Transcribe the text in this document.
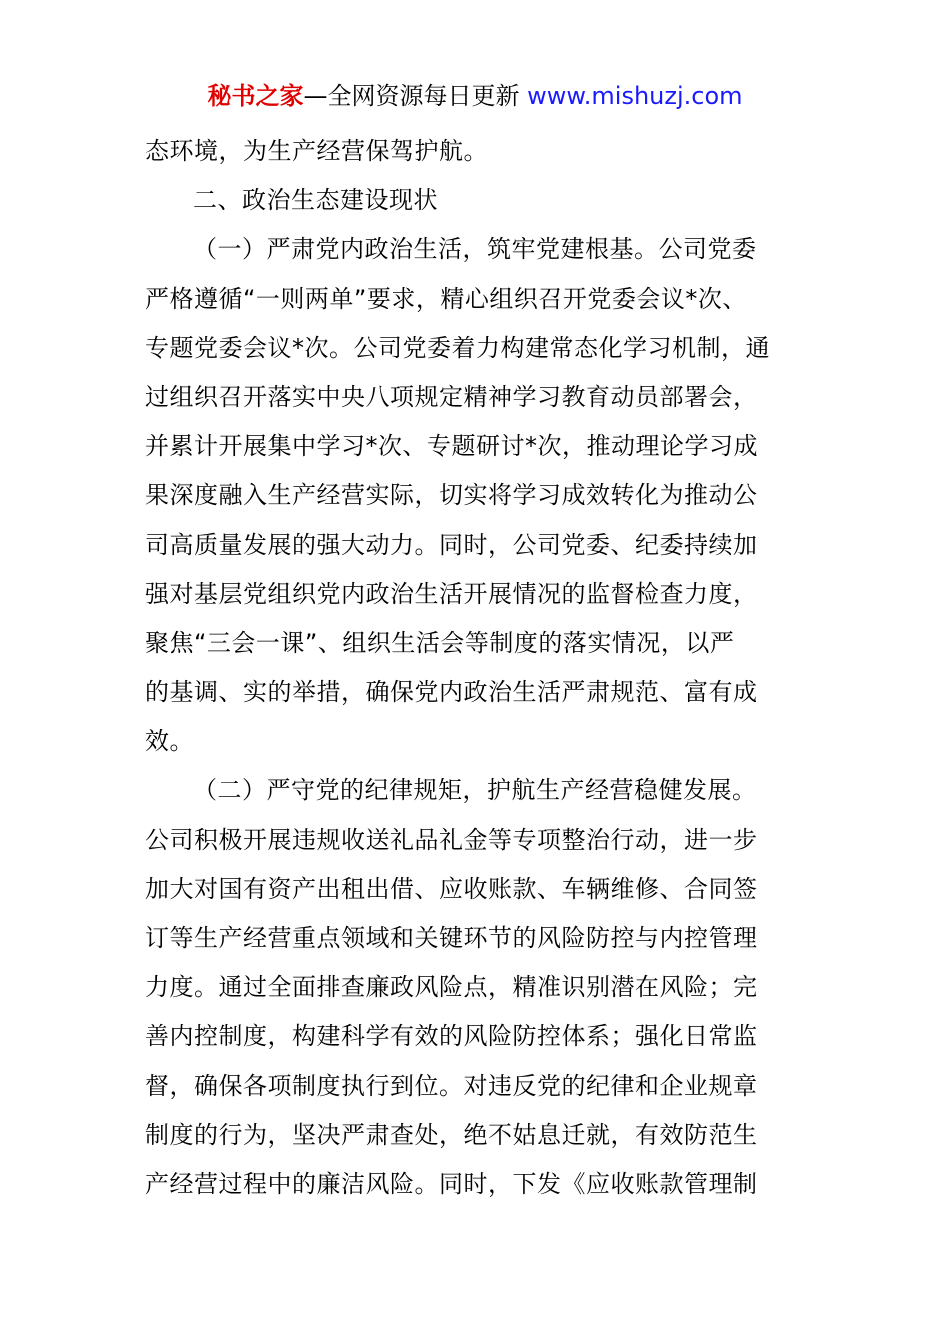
秘书之家—全网资源每日更新 www.mishuzj.com
态环境，为生产经营保驾护航。
二、政治生态建设现状
（一）严肃党内政治生活，筑牢党建根基。公司党委
严格遵循“一则两单”要求，精心组织召开党委会议*次、
专题党委会议*次。公司党委着力构建常态化学习机制，通
过组织召开落实中央八项规定精神学习教育动员部署会，
并累计开展集中学习*次、专题研讨*次，推动理论学习成
果深度融入生产经营实际，切实将学习成效转化为推动公
司高质量发展的强大动力。同时，公司党委、纪委持续加
强对基层党组织党内政治生活开展情况的监督检查力度，
聚焦“三会一课”、组织生活会等制度的落实情况，以严
的基调、实的举措，确保党内政治生活严肃规范、富有成
效。
（二）严守党的纪律规矩，护航生产经营稳健发展。
公司积极开展违规收送礼品礼金等专项整治行动，进一步
加大对国有资产出租出借、应收账款、车辆维修、合同签
订等生产经营重点领域和关键环节的风险防控与内控管理
力度。通过全面排查廉政风险点，精准识别潜在风险；完
善内控制度，构建科学有效的风险防控体系；强化日常监
督，确保各项制度执行到位。对违反党的纪律和企业规章
制度的行为，坚决严肃查处，绝不姑息迁就，有效防范生
产经营过程中的廉洁风险。同时，下发《应收账款管理制
